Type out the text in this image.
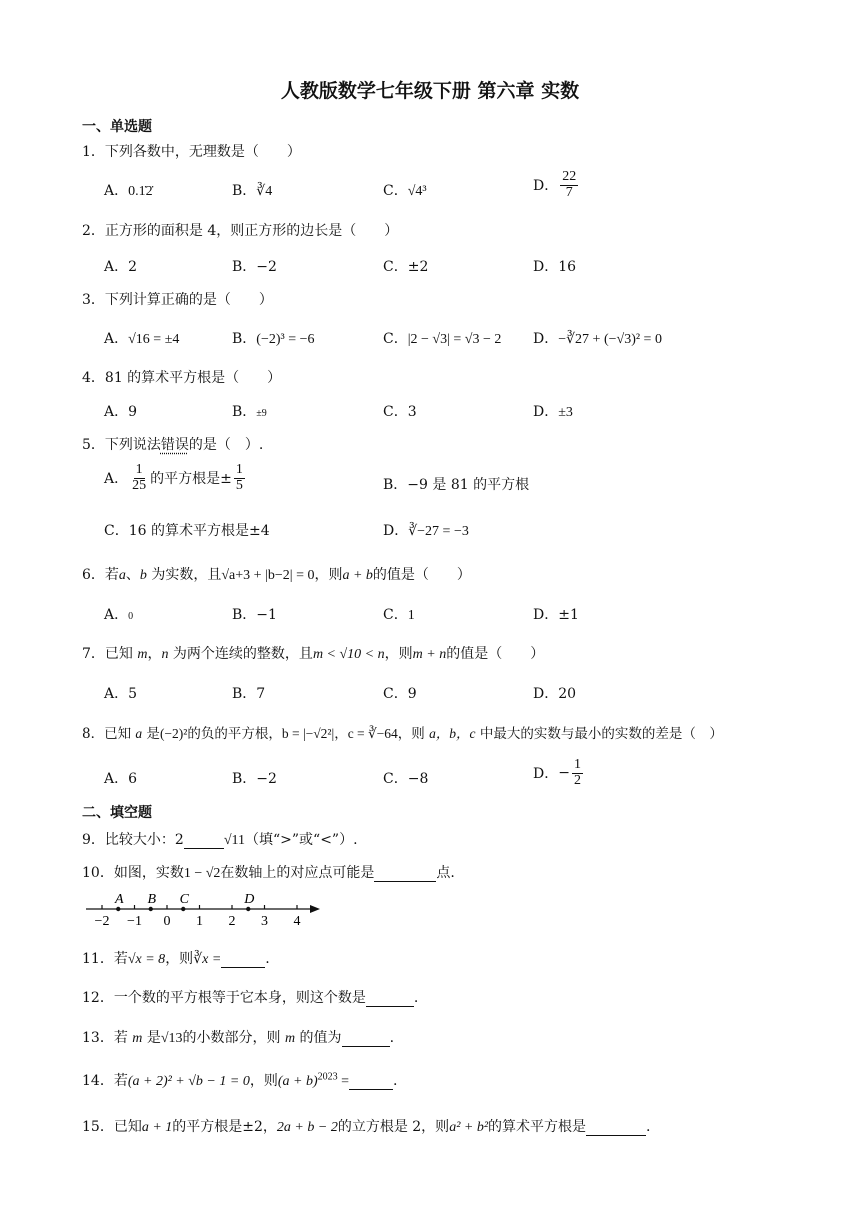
人教版数学七年级下册 第六章 实数
一、单选题
1．下列各数中，无理数是（　　）
A．0.1̇2̇	B．∛4	C．√4³	D． $\frac{22}{7}$
2．正方形的面积是 4，则正方形的边长是（　　）
A．2	B．−2	C．±2	D．16
3．下列计算正确的是（　　）
A．√16 = ±4	B．(−2)³ = −6	C．|2 − √3| = √3 − 2 D．−∛27 + (−√3)² = 0
4．81 的算术平方根是（　　）
A．9	B．±9	C．3	D．±3
5．下列说法错误的是（　）.
A． $\frac{1}{25}$ 的平方根是± $\frac{1}{5}$	B．−9 是 81 的平方根
C．16 的算术平方根是±4	D．∛−27 = −3
6．若a、b 为实数，且√a+3 + |b−2| = 0，则a + b的值是（　　）
A．0	B．−1	C．1	D．±1
7．已知 m，n 为两个连续的整数，且m < √10 < n，则m + n的值是（　　）
A．5	B．7	C．9	D．20
8．已知 a 是(−2)²的负的平方根，b = |−√2²|，c = ∛−64，则 a，b，c 中最大的实数与最小的实数的差是（　）
A．6	B．−2	C．−8	D．− $\frac{1}{2}$
二、填空题
9．比较大小：2	√11（填“>”或“<”）.
10．如图，实数1 − √2在数轴上的对应点可能是	点.
−2 −1 0 1 2 3 4
A B C	D
11．若√x = 8，则∛x =	.
12．一个数的平方根等于它本身，则这个数是	.
13．若 m 是√13的小数部分，则 m 的值为	.
14．若(a + 2)² + √b − 1 = 0，则$(a + b)^{2023}$ =	.
15．已知a + 1的平方根是±2，2a + b − 2的立方根是 2，则a² + b²的算术平方根是	.
